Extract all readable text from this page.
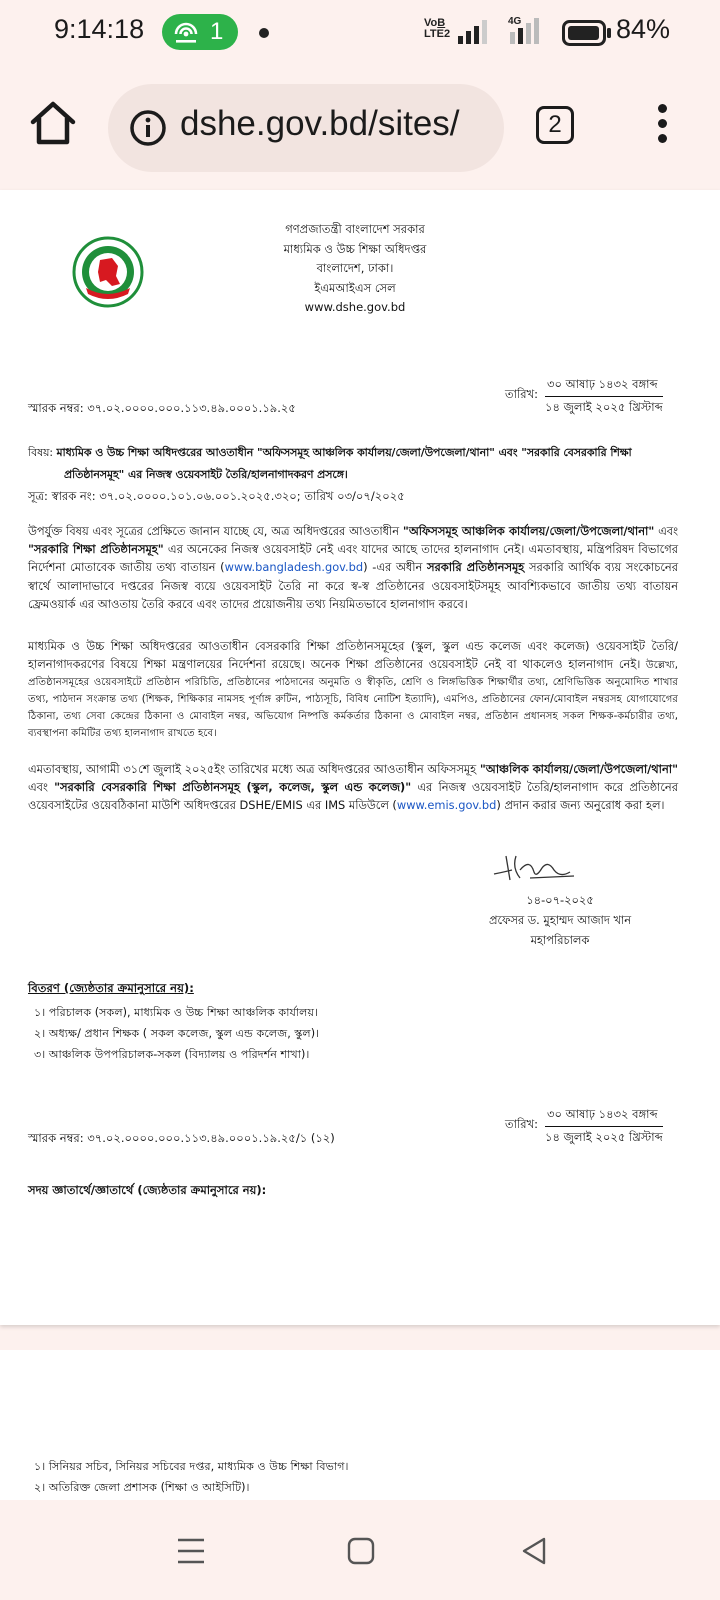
9:14:18	1	VoB
LTE2
4G	84%
dshe.gov.bd/sites/	2
গণপ্রজাতন্ত্রী বাংলাদেশ সরকার
মাধ্যমিক ও উচ্চ শিক্ষা অধিদপ্তর
বাংলাদেশ, ঢাকা।
ইএমআইএস সেল
www.dshe.gov.bd
স্মারক নম্বর: ৩৭.০২.০০০০.০০০.১১৩.৪৯.০০০১.১৯.২৫
তারিখ:
৩০ আষাঢ় ১৪৩২ বঙ্গাব্দ
১৪ জুলাই ২০২৫ খ্রিস্টাব্দ
বিষয়: মাধ্যমিক ও উচ্চ শিক্ষা অধিদপ্তরের আওতাধীন "অফিসসমূহ আঞ্চলিক কার্যালয়/জেলা/উপজেলা/থানা" এবং "সরকারি বেসরকারি শিক্ষা
প্রতিষ্ঠানসমূহ" এর নিজস্ব ওয়েবসাইট তৈরি/হালনাগাদকরণ প্রসঙ্গে।
সূত্র: স্বারক নং: ৩৭.০২.০০০০.১০১.০৬.০০১.২০২৫.৩২০; তারিখ ০৩/০৭/২০২৫
উপর্যুক্ত বিষয় এবং সূত্রের প্রেক্ষিতে জানান যাচ্ছে যে, অত্র অধিদপ্তরের আওতাধীন "অফিসসমূহ আঞ্চলিক কার্যালয়/জেলা/উপজেলা/থানা" এবং "সরকারি শিক্ষা প্রতিষ্ঠানসমূহ" এর অনেকের নিজস্ব ওয়েবসাইট নেই এবং যাদের আছে তাদের হালনাগাদ নেই। এমতাবস্থায়, মন্ত্রিপরিষদ বিভাগের নির্দেশনা মোতাবেক জাতীয় তথ্য বাতায়ন (www.bangladesh.gov.bd) -এর অধীন সরকারি প্রতিষ্ঠানসমূহ সরকারি আর্থিক ব্যয় সংকোচনের স্বার্থে আলাদাভাবে দপ্তরের নিজস্ব ব্যয়ে ওয়েবসাইট তৈরি না করে স্ব-স্ব প্রতিষ্ঠানের ওয়েবসাইটসমূহ আবশ্যিকভাবে জাতীয় তথ্য বাতায়ন ফ্রেমওয়ার্ক এর আওতায় তৈরি করবে এবং তাদের প্রয়োজনীয় তথ্য নিয়মিতভাবে হালনাগাদ করবে।
মাধ্যমিক ও উচ্চ শিক্ষা অধিদপ্তরের আওতাধীন বেসরকারি শিক্ষা প্রতিষ্ঠানসমূহের (স্কুল, স্কুল এন্ড কলেজ এবং কলেজ) ওয়েবসাইট তৈরি/হালনাগাদকরণের বিষয়ে শিক্ষা মন্ত্রণালয়ের নির্দেশনা রয়েছে। অনেক শিক্ষা প্রতিষ্ঠানের ওয়েবসাইট নেই বা থাকলেও হালনাগাদ নেই। উল্লেখ্য, প্রতিষ্ঠানসমূহের ওয়েবসাইটে প্রতিষ্ঠান পরিচিতি, প্রতিষ্ঠানের পাঠদানের অনুমতি ও স্বীকৃতি, শ্রেণি ও লিঙ্গভিত্তিক শিক্ষার্থীর তথ্য, শ্রেণিভিত্তিক অনুমোদিত শাখার তথ্য, পাঠদান সংক্রান্ত তথ্য (শিক্ষক, শিক্ষিকার নামসহ পূর্ণাঙ্গ রুটিন, পাঠ্যসূচি, বিবিধ নোটিশ ইত্যাদি), এমপিও, প্রতিষ্ঠানের ফোন/মোবাইল নম্বরসহ যোগাযোগের ঠিকানা, তথ্য সেবা কেন্দ্রের ঠিকানা ও মোবাইল নম্বর, অভিযোগ নিষ্পত্তি কর্মকর্তার ঠিকানা ও মোবাইল নম্বর, প্রতিষ্ঠান প্রধানসহ সকল শিক্ষক-কর্মচারীর তথ্য, ব্যবস্থাপনা কমিটির তথ্য হালনাগাদ রাখতে হবে।
এমতাবস্থায়, আগামী ৩১শে জুলাই ২০২৫ইং তারিখের মধ্যে অত্র অধিদপ্তরের আওতাধীন অফিসসমূহ "আঞ্চলিক কার্যালয়/জেলা/উপজেলা/থানা" এবং "সরকারি বেসরকারি শিক্ষা প্রতিষ্ঠানসমূহ (স্কুল, কলেজ, স্কুল এন্ড কলেজ)" এর নিজস্ব ওয়েবসাইট তৈরি/হালনাগাদ করে প্রতিষ্ঠানের ওয়েবসাইটের ওয়েবঠিকানা মাউশি অধিদপ্তরের DSHE/EMIS এর IMS মডিউলে (www.emis.gov.bd) প্রদান করার জন্য অনুরোধ করা হল।
১৪-০৭-২০২৫
প্রফেসর ড. মুহাম্মদ আজাদ খান
মহাপরিচালক
বিতরণ (জ্যেষ্ঠতার ক্রমানুসারে নয়):
১। পরিচালক (সকল), মাধ্যমিক ও উচ্চ শিক্ষা আঞ্চলিক কার্যালয়।
২। অধ্যক্ষ/ প্রধান শিক্ষক ( সকল কলেজ, স্কুল এন্ড কলেজ, স্কুল)।
৩। আঞ্চলিক উপপরিচালক-সকল (বিদ্যালয় ও পরিদর্শন শাখা)।
স্মারক নম্বর: ৩৭.০২.০০০০.০০০.১১৩.৪৯.০০০১.১৯.২৫/১ (১২)
তারিখ:
৩০ আষাঢ় ১৪৩২ বঙ্গাব্দ
১৪ জুলাই ২০২৫ খ্রিস্টাব্দ
সদয় জ্ঞাতার্থে/জ্ঞাতার্থে (জ্যেষ্ঠতার ক্রমানুসারে নয়):
১। সিনিয়র সচিব, সিনিয়র সচিবের দপ্তর, মাধ্যমিক ও উচ্চ শিক্ষা বিভাগ।
২। অতিরিক্ত জেলা প্রশাসক (শিক্ষা ও আইসিটি)।
